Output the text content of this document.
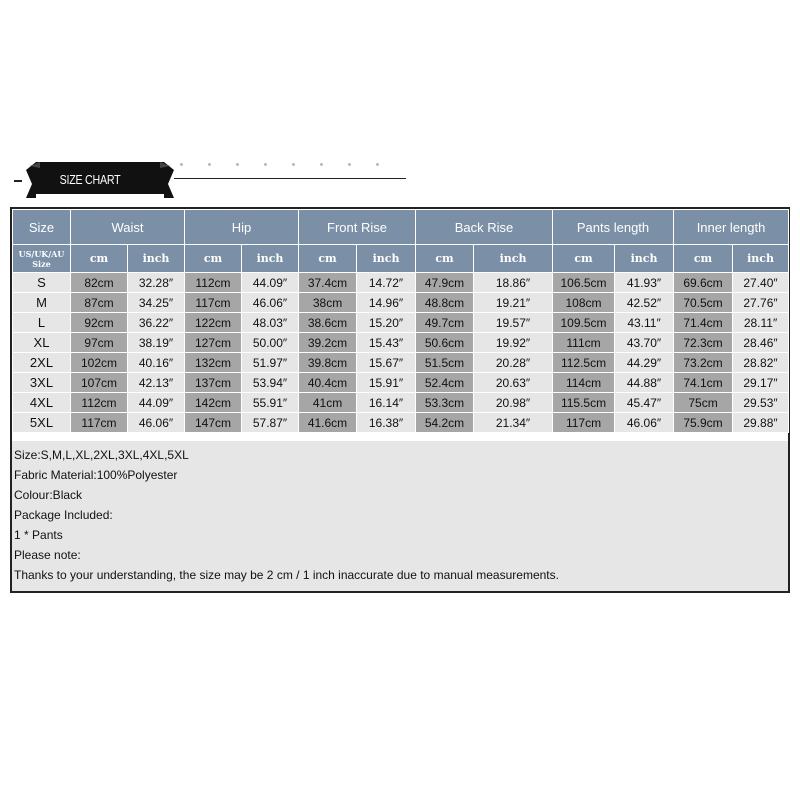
SIZE CHART
Size	Waist		Hip		Front Rise		Back Rise		Pants length		Inner length	
US/UK/AU
Size	cm	inch	cm	inch	cm	inch	cm	inch	cm	inch	cm	inch
S	82cm	32.28″	112cm	44.09″	37.4cm	14.72″	47.9cm	18.86″	106.5cm	41.93″	69.6cm	27.40″
M	87cm	34.25″	117cm	46.06″	38cm	14.96″	48.8cm	19.21″	108cm	42.52″	70.5cm	27.76″
L	92cm	36.22″	122cm	48.03″	38.6cm	15.20″	49.7cm	19.57″	109.5cm	43.11″	71.4cm	28.11″
XL	97cm	38.19″	127cm	50.00″	39.2cm	15.43″	50.6cm	19.92″	111cm	43.70″	72.3cm	28.46″
2XL	102cm	40.16″	132cm	51.97″	39.8cm	15.67″	51.5cm	20.28″	112.5cm	44.29″	73.2cm	28.82″
3XL	107cm	42.13″	137cm	53.94″	40.4cm	15.91″	52.4cm	20.63″	114cm	44.88″	74.1cm	29.17″
4XL	112cm	44.09″	142cm	55.91″	41cm	16.14″	53.3cm	20.98″	115.5cm	45.47″	75cm	29.53″
5XL	117cm	46.06″	147cm	57.87″	41.6cm	16.38″	54.2cm	21.34″	117cm	46.06″	75.9cm	29.88″
Size:S,M,L,XL,2XL,3XL,4XL,5XL
Fabric Material:100%Polyester
Colour:Black
Package Included:
1 * Pants
Please note:
Thanks to your understanding, the size may be 2 cm / 1 inch inaccurate due to manual measurements.
